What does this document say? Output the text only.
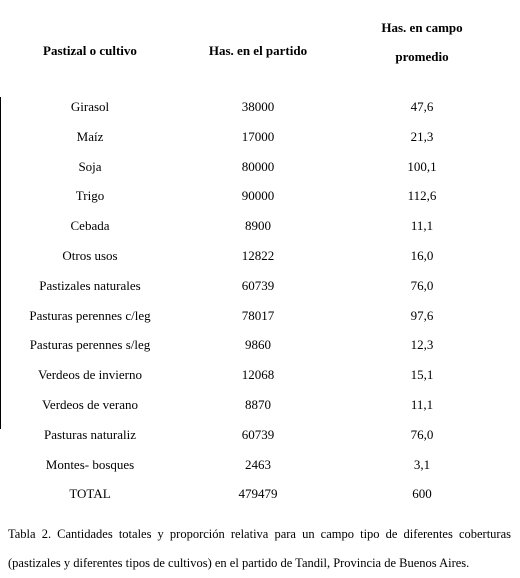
Pastizal o cultivo	Has. en el partido
Has. en campo
promedio
Girasol	38000	47,6
Maíz	17000	21,3
Soja	80000	100,1
Trigo	90000	112,6
Cebada	8900	11,1
Otros usos	12822	16,0
Pastizales naturales	60739	76,0
Pasturas perennes c/leg	78017	97,6
Pasturas perennes s/leg	9860	12,3
Verdeos de invierno	12068	15,1
Verdeos de verano	8870	11,1
Pasturas naturaliz	60739	76,0
Montes- bosques	2463	3,1
TOTAL	479479	600
Tabla 2. Cantidades totales y proporción relativa para un campo tipo de diferentes coberturas (pastizales y diferentes tipos de cultivos) en el partido de Tandil, Provincia de Buenos Aires.
